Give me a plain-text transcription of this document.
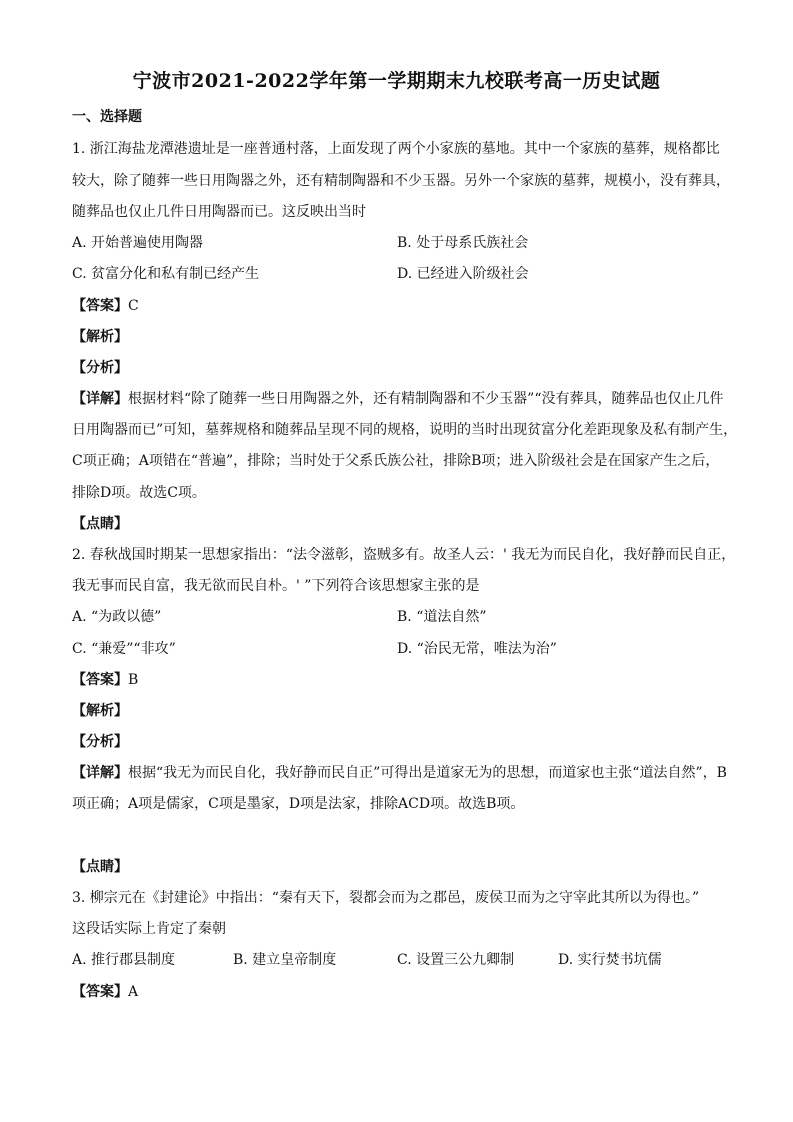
宁波市2021-2022学年第一学期期末九校联考高一历史试题
一、选择题
1. 浙江海盐龙潭港遗址是一座普通村落，上面发现了两个小家族的墓地。其中一个家族的墓葬，规格都比
较大，除了随葬一些日用陶器之外，还有精制陶器和不少玉器。另外一个家族的墓葬，规模小，没有葬具，
随葬品也仅止几件日用陶器而已。这反映出当时
A. 开始普遍使用陶器	B. 处于母系氏族社会
C. 贫富分化和私有制已经产生	D. 已经进入阶级社会
【答案】C
【解析】
【分析】
【详解】根据材料“除了随葬一些日用陶器之外，还有精制陶器和不少玉器”“没有葬具，随葬品也仅止几件
日用陶器而已”可知，墓葬规格和随葬品呈现不同的规格，说明的当时出现贫富分化差距现象及私有制产生，
C项正确；A项错在“普遍”，排除；当时处于父系氏族公社，排除B项；进入阶级社会是在国家产生之后，
排除D项。故选C项。
【点睛】
2. 春秋战国时期某一思想家指出：“法令滋彰，盗贼多有。故圣人云：' 我无为而民自化，我好静而民自正，
我无事而民自富，我无欲而民自朴。' ”下列符合该思想家主张的是
A. “为政以德”	B. “道法自然”
C. “兼爱”“非攻”	D. “治民无常，唯法为治”
【答案】B
【解析】
【分析】
【详解】根据“我无为而民自化，我好静而民自正”可得出是道家无为的思想，而道家也主张“道法自然”，B
项正确；A项是儒家，C项是墨家，D项是法家，排除ACD项。故选B项。
【点睛】
3. 柳宗元在《封建论》中指出：“秦有天下，裂都会而为之郡邑，废侯卫而为之守宰此其所以为得也。”
这段话实际上肯定了秦朝
A. 推行郡县制度	B. 建立皇帝制度	C. 设置三公九卿制	D. 实行焚书坑儒
【答案】A
